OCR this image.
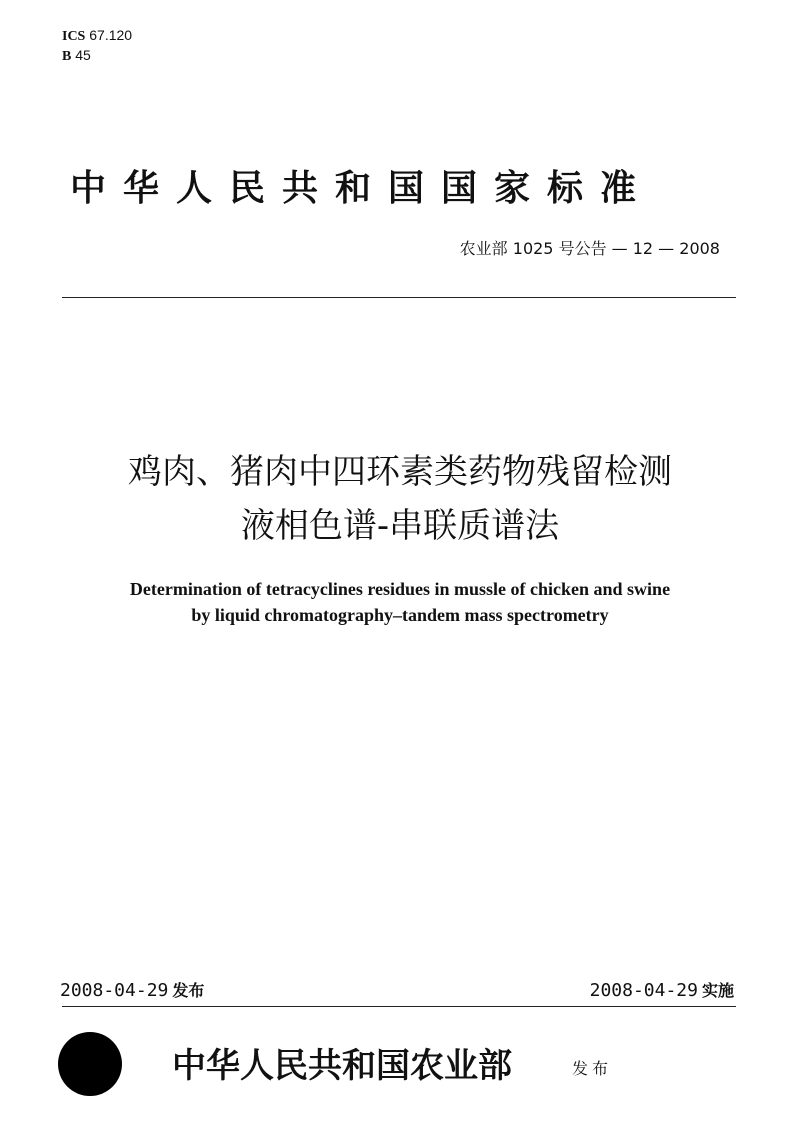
ICS 67.120
B 45
中华人民共和国国家标准
农业部 1025 号公告 — 12 — 2008
鸡肉、猪肉中四环素类药物残留检测
液相色谱-串联质谱法
Determination of tetracyclines residues in mussle of chicken and swine
by liquid chromatography–tandem mass spectrometry
2008-04-29 发布	2008-04-29 实施
中华人民共和国农业部	发布
